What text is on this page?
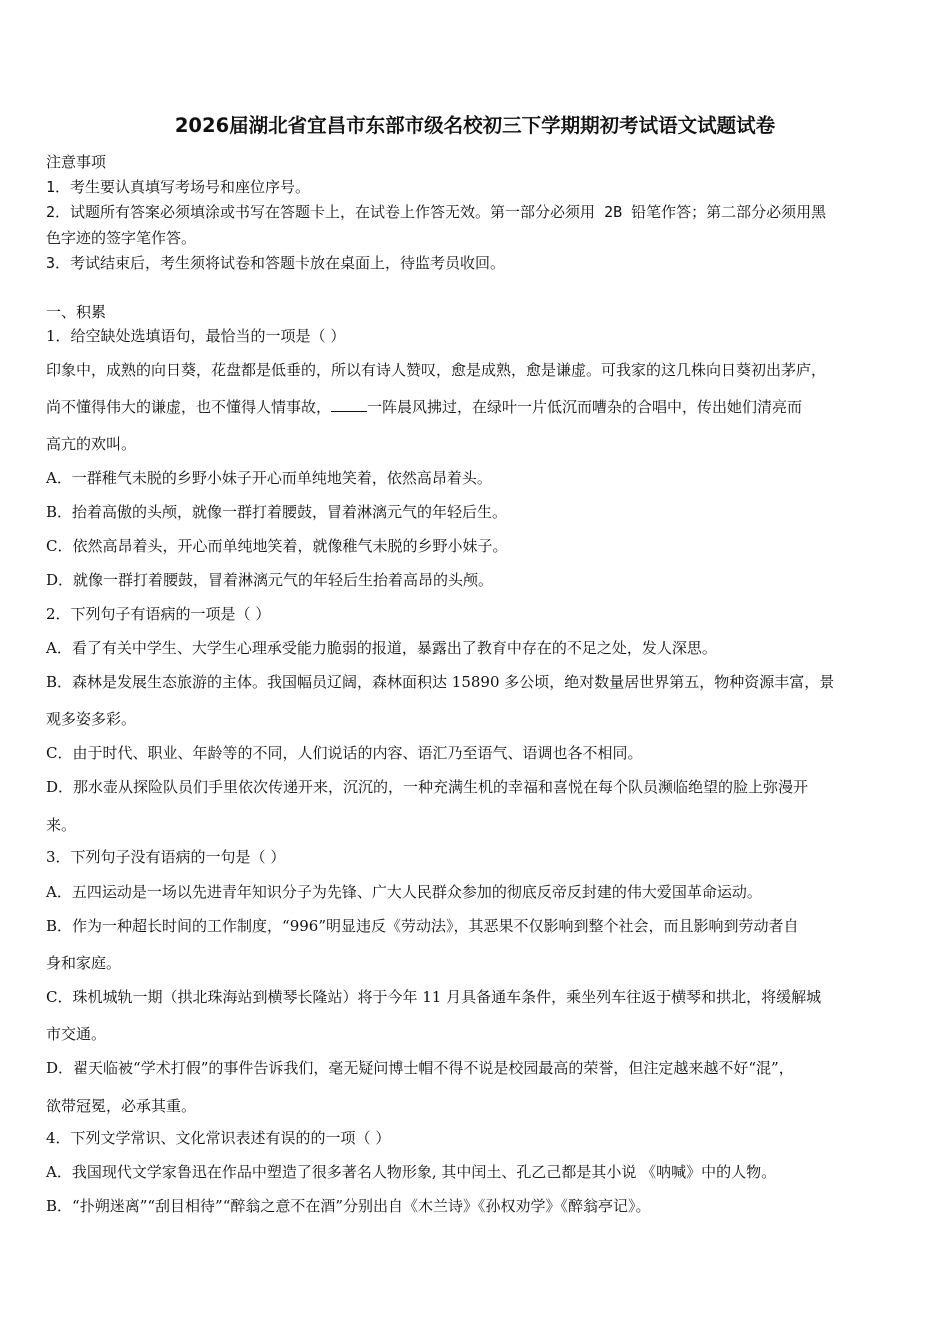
2026届湖北省宜昌市东部市级名校初三下学期期初考试语文试题试卷
注意事项
1．考生要认真填写考场号和座位序号。
2．试题所有答案必须填涂或书写在答题卡上，在试卷上作答无效。第一部分必须用 2B 铅笔作答；第二部分必须用黑
色字迹的签字笔作答。
3．考试结束后，考生须将试卷和答题卡放在桌面上，待监考员收回。
一、积累
1．给空缺处选填语句，最恰当的一项是（ ）
印象中，成熟的向日葵，花盘都是低垂的，所以有诗人赞叹，愈是成熟，愈是谦虚。可我家的这几株向日葵初出茅庐，
尚不懂得伟大的谦虚，也不懂得人情事故， 一阵晨风拂过，在绿叶一片低沉而嘈杂的合唱中，传出她们清亮而
高亢的欢叫。
A．一群稚气未脱的乡野小妹子开心而单纯地笑着，依然高昂着头。
B．抬着高傲的头颅，就像一群打着腰鼓，冒着淋漓元气的年轻后生。
C．依然高昂着头，开心而单纯地笑着，就像稚气未脱的乡野小妹子。
D．就像一群打着腰鼓，冒着淋漓元气的年轻后生抬着高昂的头颅。
2．下列句子有语病的一项是（ ）
A．看了有关中学生、大学生心理承受能力脆弱的报道，暴露出了教育中存在的不足之处，发人深思。
B．森林是发展生态旅游的主体。我国幅员辽阔，森林面积达 15890 多公顷，绝对数量居世界第五，物种资源丰富，景
观多姿多彩。
C．由于时代、职业、年龄等的不同，人们说话的内容、语汇乃至语气、语调也各不相同。
D．那水壶从探险队员们手里依次传递开来，沉沉的，一种充满生机的幸福和喜悦在每个队员濒临绝望的脸上弥漫开
来。
3．下列句子没有语病的一句是（ ）
A．五四运动是一场以先进青年知识分子为先锋、广大人民群众参加的彻底反帝反封建的伟大爱国革命运动。
B．作为一种超长时间的工作制度，“996”明显违反《劳动法》，其恶果不仅影响到整个社会，而且影响到劳动者自
身和家庭。
C．珠机城轨一期（拱北珠海站到横琴长隆站）将于今年 11 月具备通车条件，乘坐列车往返于横琴和拱北，将缓解城
市交通。
D．翟天临被“学术打假”的事件告诉我们，毫无疑问博士帽不得不说是校园最高的荣誉，但注定越来越不好“混”，
欲带冠冕，必承其重。
4．下列文学常识、文化常识表述有误的的一项（ ）
A．我国现代文学家鲁迅在作品中塑造了很多著名人物形象, 其中闰土、孔乙己都是其小说 《呐喊》中的人物。
B．“扑朔迷离”“刮目相待”“醉翁之意不在酒”分别出自《木兰诗》《孙权劝学》《醉翁亭记》。
